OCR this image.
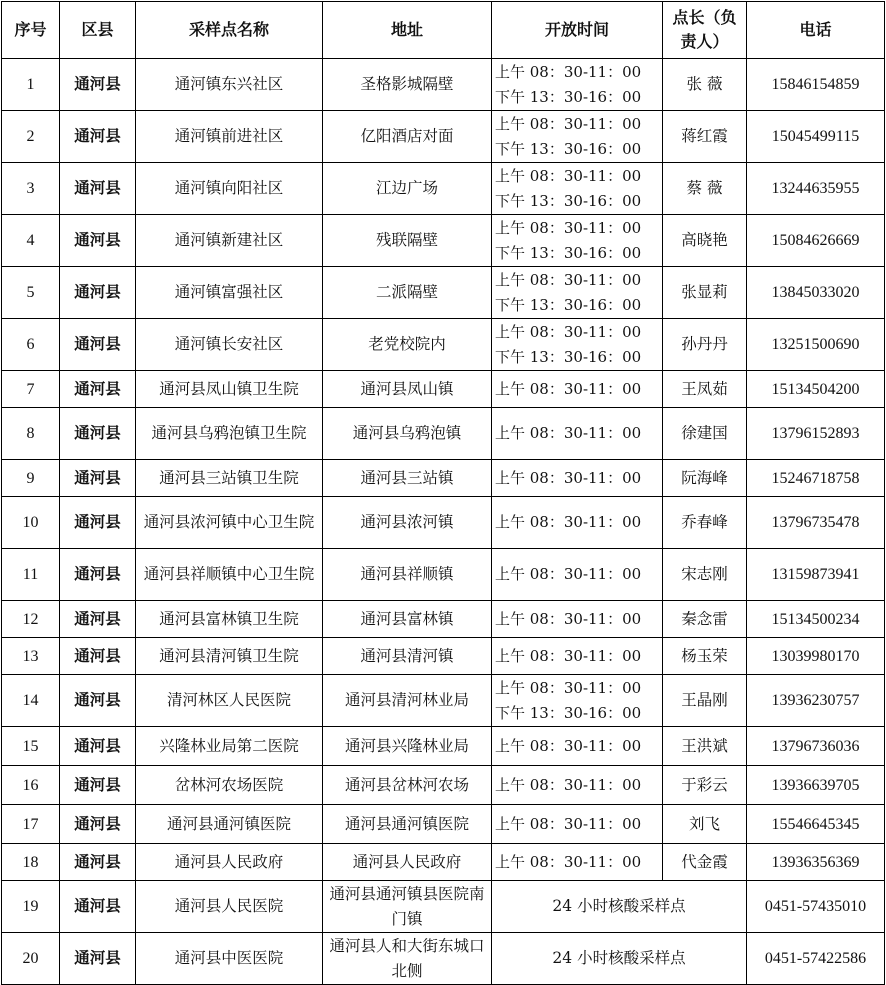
序号	区县	采样点名称	地址	开放时间	点长（负责人）	电话
1	通河县	通河镇东兴社区	圣格影城隔壁	上午 08：30-11：00
下午 13：30-16：00	张 薇	15846154859
2	通河县	通河镇前进社区	亿阳酒店对面	上午 08：30-11：00
下午 13：30-16：00	蒋红霞	15045499115
3	通河县	通河镇向阳社区	江边广场	上午 08：30-11：00
下午 13：30-16：00	蔡 薇	13244635955
4	通河县	通河镇新建社区	残联隔壁	上午 08：30-11：00
下午 13：30-16：00	高晓艳	15084626669
5	通河县	通河镇富强社区	二派隔壁	上午 08：30-11：00
下午 13：30-16：00	张显莉	13845033020
6	通河县	通河镇长安社区	老党校院内	上午 08：30-11：00
下午 13：30-16：00	孙丹丹	13251500690
7	通河县	通河县凤山镇卫生院	通河县凤山镇	上午 08：30-11：00	王凤茹	15134504200
8	通河县	通河县乌鸦泡镇卫生院	通河县乌鸦泡镇	上午 08：30-11：00	徐建国	13796152893
9	通河县	通河县三站镇卫生院	通河县三站镇	上午 08：30-11：00	阮海峰	15246718758
10	通河县	通河县浓河镇中心卫生院	通河县浓河镇	上午 08：30-11：00	乔春峰	13796735478
11	通河县	通河县祥顺镇中心卫生院	通河县祥顺镇	上午 08：30-11：00	宋志刚	13159873941
12	通河县	通河县富林镇卫生院	通河县富林镇	上午 08：30-11：00	秦念雷	15134500234
13	通河县	通河县清河镇卫生院	通河县清河镇	上午 08：30-11：00	杨玉荣	13039980170
14	通河县	清河林区人民医院	通河县清河林业局	上午 08：30-11：00
下午 13：30-16：00	王晶刚	13936230757
15	通河县	兴隆林业局第二医院	通河县兴隆林业局	上午 08：30-11：00	王洪斌	13796736036
16	通河县	岔林河农场医院	通河县岔林河农场	上午 08：30-11：00	于彩云	13936639705
17	通河县	通河县通河镇医院	通河县通河镇医院	上午 08：30-11：00	刘飞	15546645345
18	通河县	通河县人民政府	通河县人民政府	上午 08：30-11：00	代金霞	13936356369
19	通河县	通河县人民医院	通河县通河镇县医院南门镇	24 小时核酸采样点		0451-57435010
20	通河县	通河县中医医院	通河县人和大街东城口北侧	24 小时核酸采样点		0451-57422586
